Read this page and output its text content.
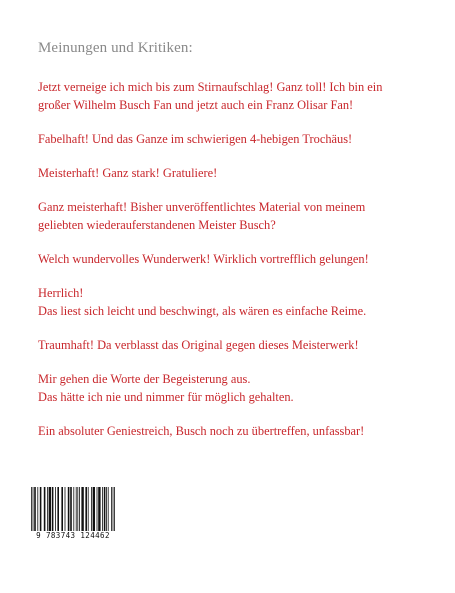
Meinungen und Kritiken:
Jetzt verneige ich mich bis zum Stirnaufschlag! Ganz toll! Ich bin ein
großer Wilhelm Busch Fan und jetzt auch ein Franz Olisar Fan!
Fabelhaft! Und das Ganze im schwierigen 4-hebigen Trochäus!
Meisterhaft! Ganz stark! Gratuliere!
Ganz meisterhaft! Bisher unveröffentlichtes Material von meinem
geliebten wiederauferstandenen Meister Busch?
Welch wundervolles Wunderwerk! Wirklich vortrefflich gelungen!
Herrlich!
Das liest sich leicht und beschwingt, als wären es einfache Reime.
Traumhaft! Da verblasst das Original gegen dieses Meisterwerk!
Mir gehen die Worte der Begeisterung aus.
Das hätte ich nie und nimmer für möglich gehalten.
Ein absoluter Geniestreich, Busch noch zu übertreffen, unfassbar!
9 783743 124462
